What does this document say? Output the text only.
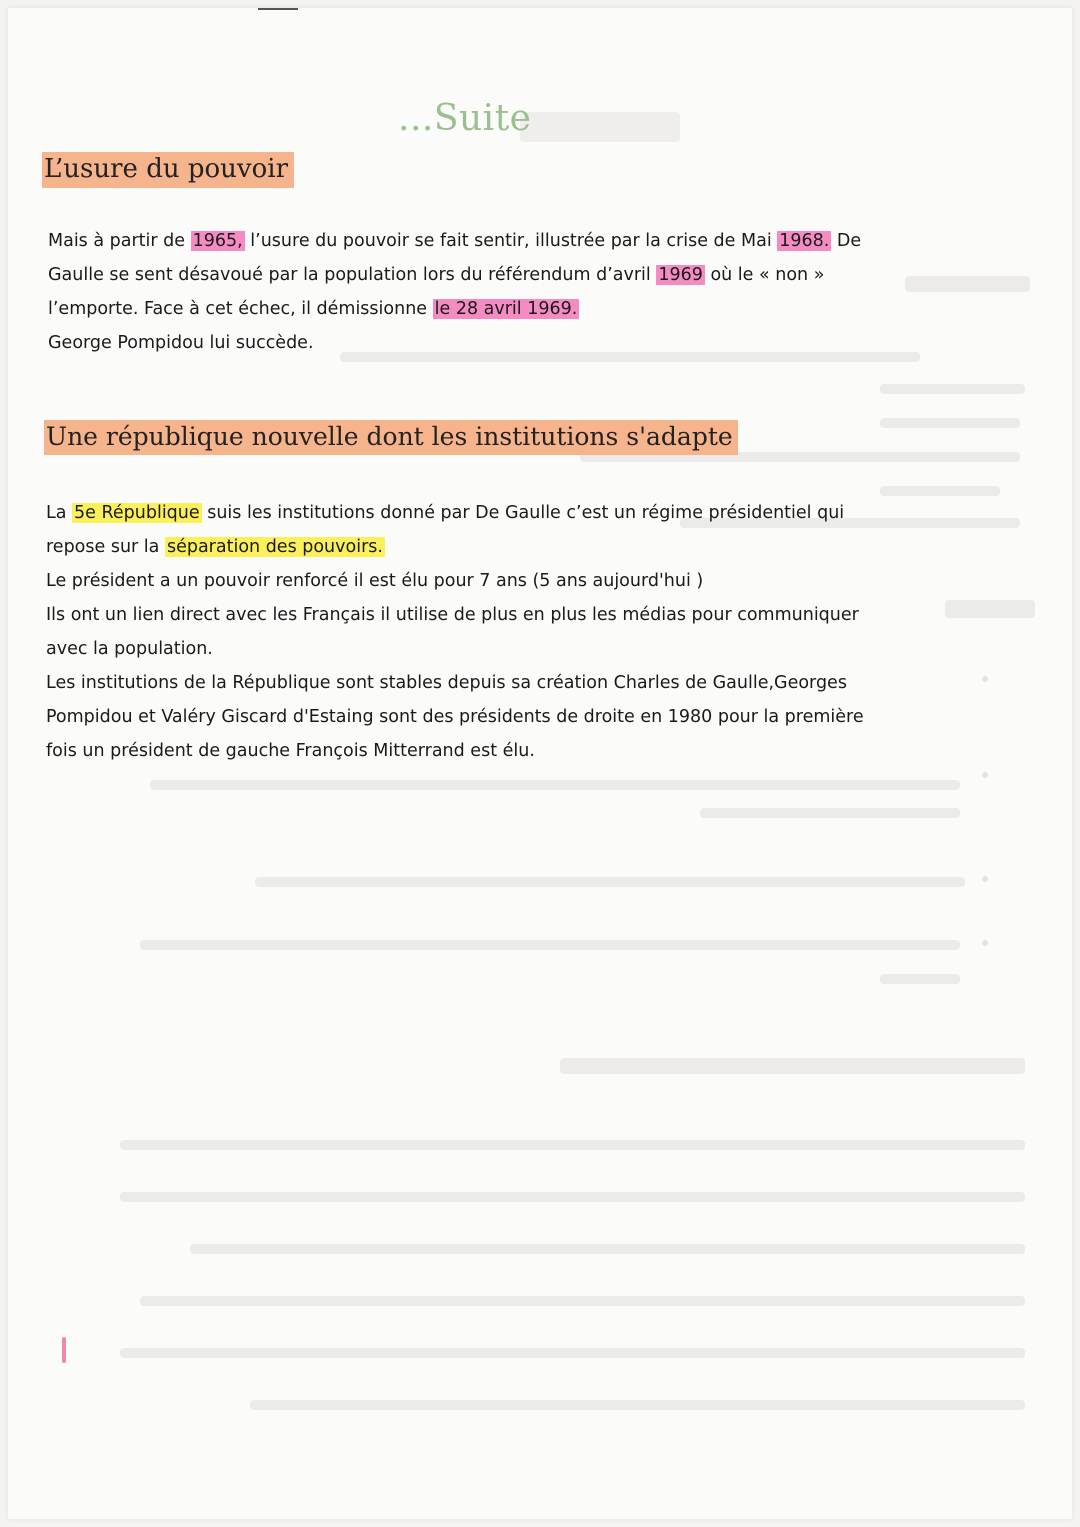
...Suite
L’usure du pouvoir
Mais à partir de 1965, l’usure du pouvoir se fait sentir, illustrée par la crise de Mai 1968. De
Gaulle se sent désavoué par la population lors du référendum d’avril 1969 où le « non »
l’emporte. Face à cet échec, il démissionne le 28 avril 1969.
George Pompidou lui succède.
Une république nouvelle dont les institutions s'adapte
La 5e République suis les institutions donné par De Gaulle c’est un régime présidentiel qui
repose sur la séparation des pouvoirs.
Le président a un pouvoir renforcé il est élu pour 7 ans (5 ans aujourd'hui )
Ils ont un lien direct avec les Français il utilise de plus en plus les médias pour communiquer
avec la population.
Les institutions de la République sont stables depuis sa création Charles de Gaulle,Georges
Pompidou et Valéry Giscard d'Estaing sont des présidents de droite en 1980 pour la première
fois un président de gauche François Mitterrand est élu.
